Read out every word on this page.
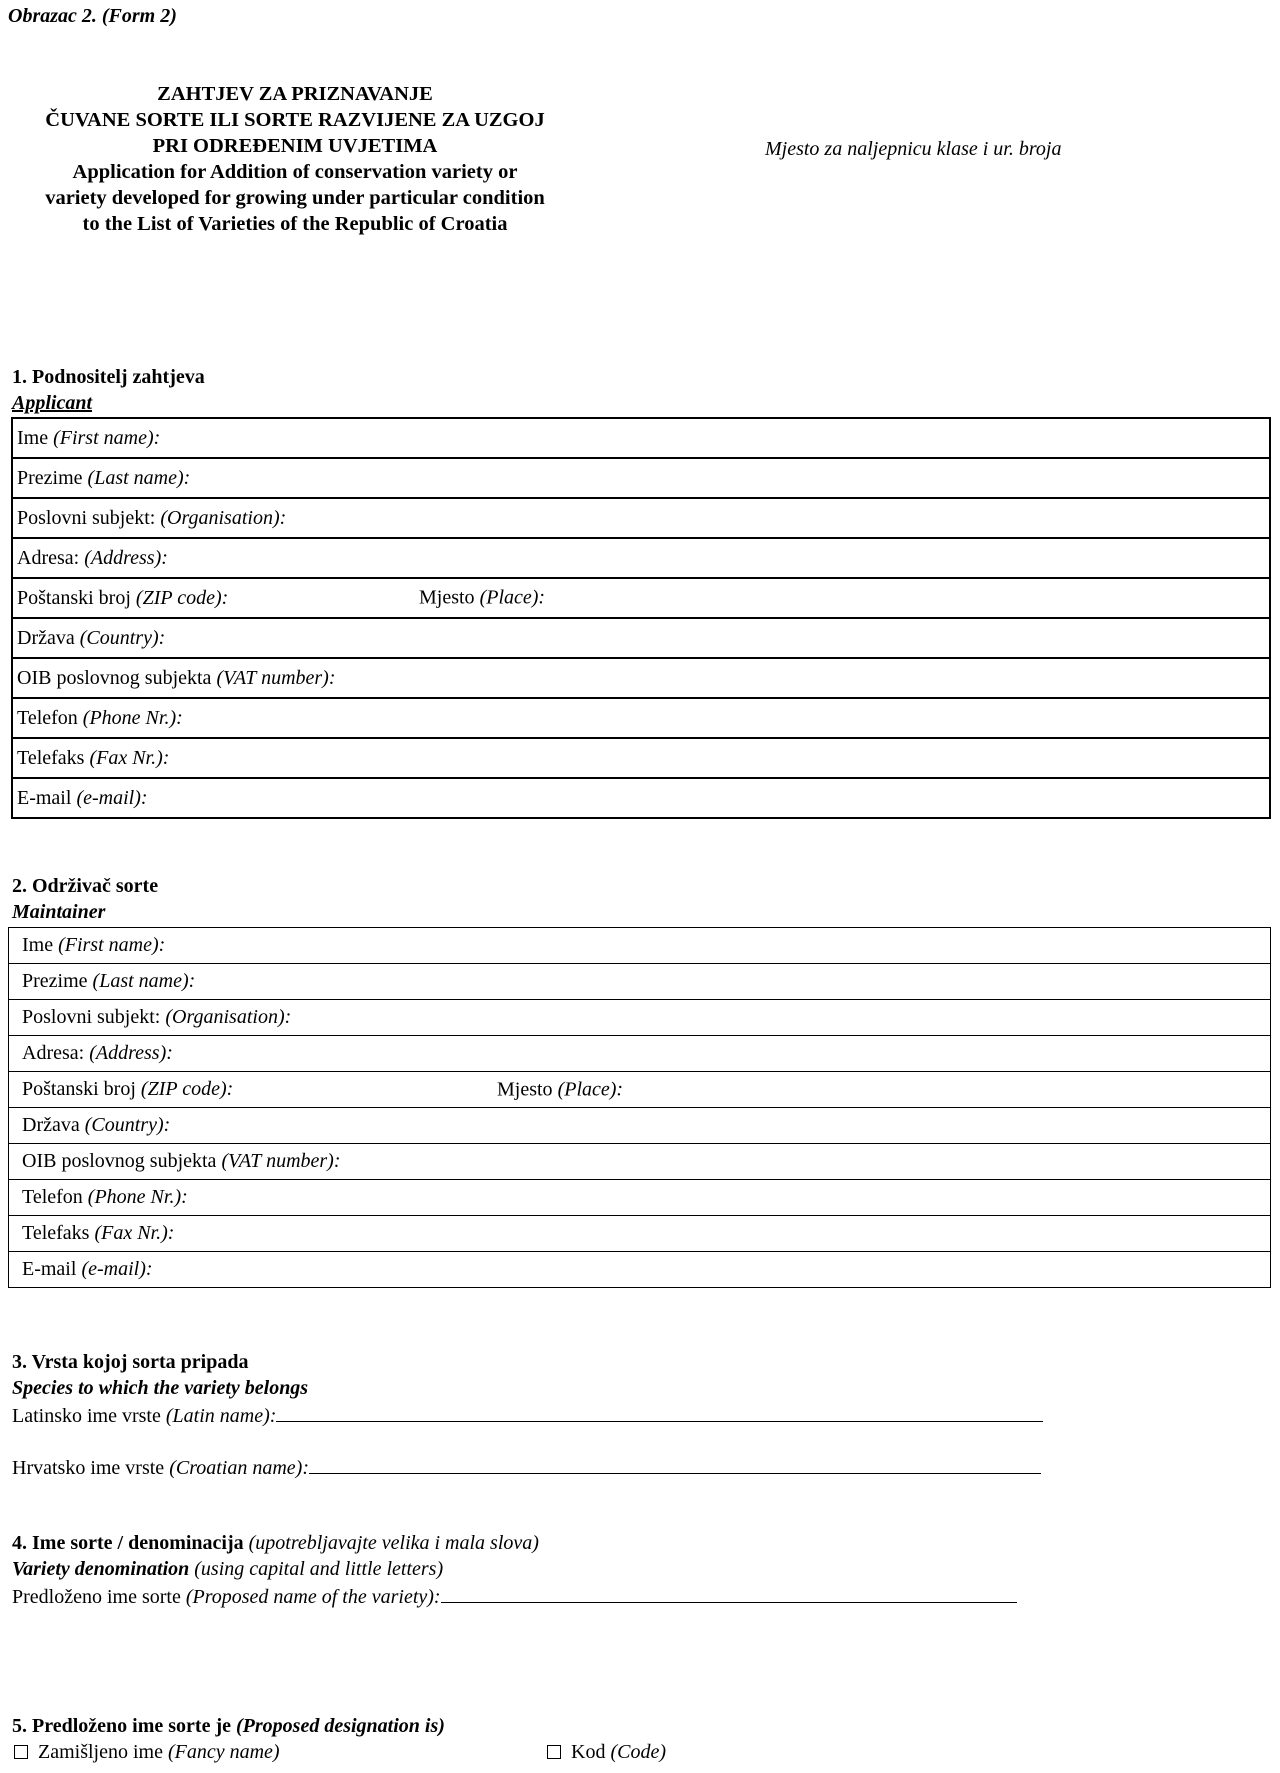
Obrazac 2. (Form 2)
ZAHTJEV ZA PRIZNAVANJE
ČUVANE SORTE ILI SORTE RAZVIJENE ZA UZGOJ
PRI ODREĐENIM UVJETIMA
Application for Addition of conservation variety or
variety developed for growing under particular condition
to the List of Varieties of the Republic of Croatia
Mjesto za naljepnicu klase i ur. broja
1. Podnositelj zahtjeva
Applicant
Ime (First name):
Prezime (Last name):
Poslovni subjekt: (Organisation):
Adresa: (Address):
Poštanski broj (ZIP code):	Mjesto (Place):

Država (Country):
OIB poslovnog subjekta (VAT number):
Telefon (Phone Nr.):
Telefaks (Fax Nr.):
E-mail (e-mail):
2. Održivač sorte
Maintainer
Ime (First name):
Prezime (Last name):
Poslovni subjekt: (Organisation):
Adresa: (Address):
Poštanski broj (ZIP code):	Mjesto (Place):

Država (Country):
OIB poslovnog subjekta (VAT number):
Telefon (Phone Nr.):
Telefaks (Fax Nr.):
E-mail (e-mail):
3. Vrsta kojoj sorta pripada
Species to which the variety belongs
Latinsko ime vrste (Latin name):
Hrvatsko ime vrste (Croatian name):
4. Ime sorte / denominacija (upotrebljavajte velika i mala slova)
Variety denomination (using capital and little letters)
Predloženo ime sorte (Proposed name of the variety):
5. Predloženo ime sorte je (Proposed designation is)
Zamišljeno ime (Fancy name)	Kod (Code)
